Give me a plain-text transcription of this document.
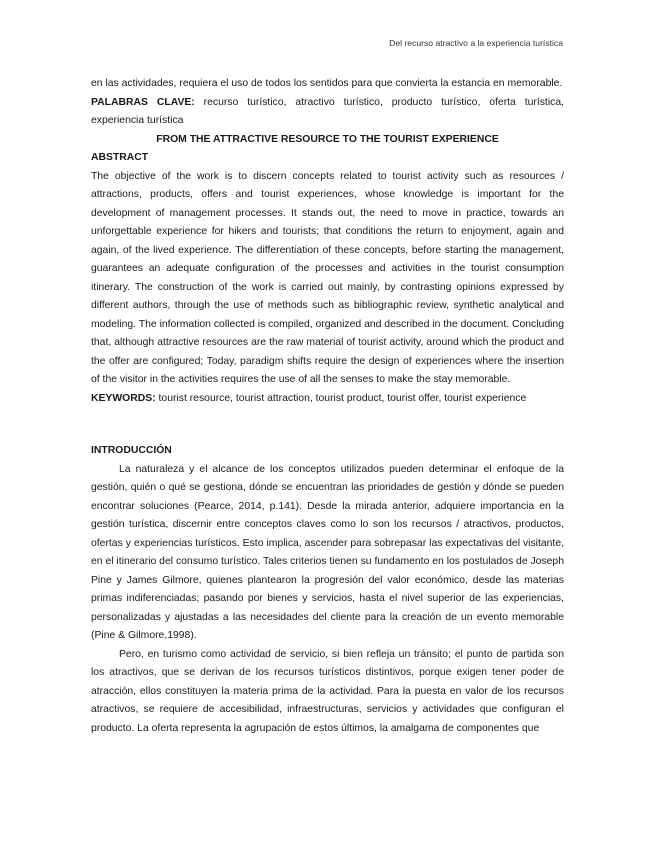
Del recurso atractivo a la experiencia turística

en las actividades, requiera el uso de todos los sentidos para que convierta la estancia en memorable.

PALABRAS CLAVE: recurso turístico, atractivo turístico, producto turístico, oferta turística, experiencia turística

FROM THE ATTRACTIVE RESOURCE TO THE TOURIST EXPERIENCE

ABSTRACT

The objective of the work is to discern concepts related to tourist activity such as resources / attractions, products, offers and tourist experiences, whose knowledge is important for the development of management processes. It stands out, the need to move in practice, towards an unforgettable experience for hikers and tourists; that conditions the return to enjoyment, again and again, of the lived experience. The differentiation of these concepts, before starting the management, guarantees an adequate configuration of the processes and activities in the tourist consumption itinerary. The construction of the work is carried out mainly, by contrasting opinions expressed by different authors, through the use of methods such as bibliographic review, synthetic analytical and modeling. The information collected is compiled, organized and described in the document. Concluding that, although attractive resources are the raw material of tourist activity, around which the product and the offer are configured; Today, paradigm shifts require the design of experiences where the insertion of the visitor in the activities requires the use of all the senses to make the stay memorable.

KEYWORDS: tourist resource, tourist attraction, tourist product, tourist offer, tourist experience

INTRODUCCIÓN

La naturaleza y el alcance de los conceptos utilizados pueden determinar el enfoque de la gestión, quién o qué se gestiona, dónde se encuentran las prioridades de gestión y dónde se pueden encontrar soluciones (Pearce, 2014, p.141). Desde la mirada anterior, adquiere importancia en la gestión turística, discernir entre conceptos claves como lo son los recursos / atractivos, productos, ofertas y experiencias turísticos. Esto implica, ascender para sobrepasar las expectativas del visitante, en el itinerario del consumo turístico. Tales criterios tienen su fundamento en los postulados de Joseph Pine y James Gilmore, quienes plantearon la progresión del valor económico, desde las materias primas indiferenciadas; pasando por bienes y servicios, hasta el nivel superior de las experiencias, personalizadas y ajustadas a las necesidades del cliente para la creación de un evento memorable (Pine & Gilmore,1998).

Pero, en turismo como actividad de servicio, si bien refleja un tránsito; el punto de partida son los atractivos, que se derivan de los recursos turísticos distintivos, porque exigen tener poder de atracción, ellos constituyen la materia prima de la actividad. Para la puesta en valor de los recursos atractivos, se requiere de accesibilidad, infraestructuras, servicios y actividades que configuran el producto. La oferta representa la agrupación de estos últimos, la amalgama de componentes que
